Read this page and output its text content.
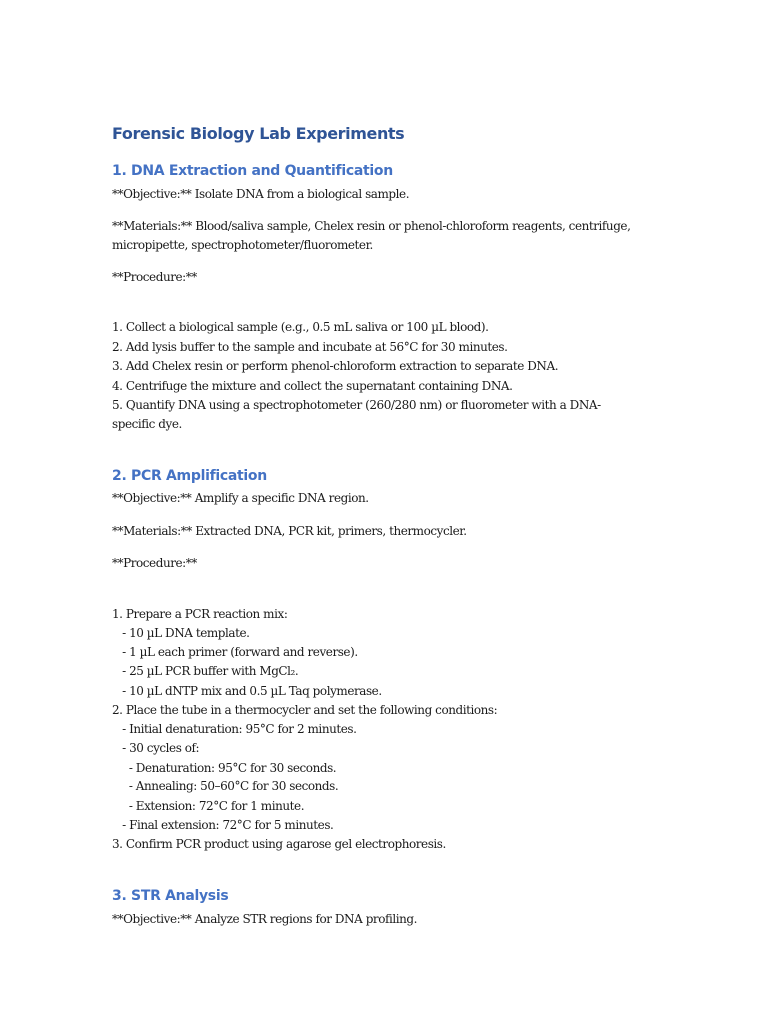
Forensic Biology Lab Experiments
1. DNA Extraction and Quantification
**Objective:** Isolate DNA from a biological sample.
**Materials:** Blood/saliva sample, Chelex resin or phenol-chloroform reagents, centrifuge,
micropipette, spectrophotometer/fluorometer.
**Procedure:**
1. Collect a biological sample (e.g., 0.5 mL saliva or 100 µL blood).
2. Add lysis buffer to the sample and incubate at 56°C for 30 minutes.
3. Add Chelex resin or perform phenol-chloroform extraction to separate DNA.
4. Centrifuge the mixture and collect the supernatant containing DNA.
5. Quantify DNA using a spectrophotometer (260/280 nm) or fluorometer with a DNA-
specific dye.
2. PCR Amplification
**Objective:** Amplify a specific DNA region.
**Materials:** Extracted DNA, PCR kit, primers, thermocycler.
**Procedure:**
1. Prepare a PCR reaction mix:
- 10 µL DNA template.
- 1 µL each primer (forward and reverse).
- 25 µL PCR buffer with MgCl₂.
- 10 µL dNTP mix and 0.5 µL Taq polymerase.
2. Place the tube in a thermocycler and set the following conditions:
- Initial denaturation: 95°C for 2 minutes.
- 30 cycles of:
- Denaturation: 95°C for 30 seconds.
- Annealing: 50–60°C for 30 seconds.
- Extension: 72°C for 1 minute.
- Final extension: 72°C for 5 minutes.
3. Confirm PCR product using agarose gel electrophoresis.
3. STR Analysis
**Objective:** Analyze STR regions for DNA profiling.
